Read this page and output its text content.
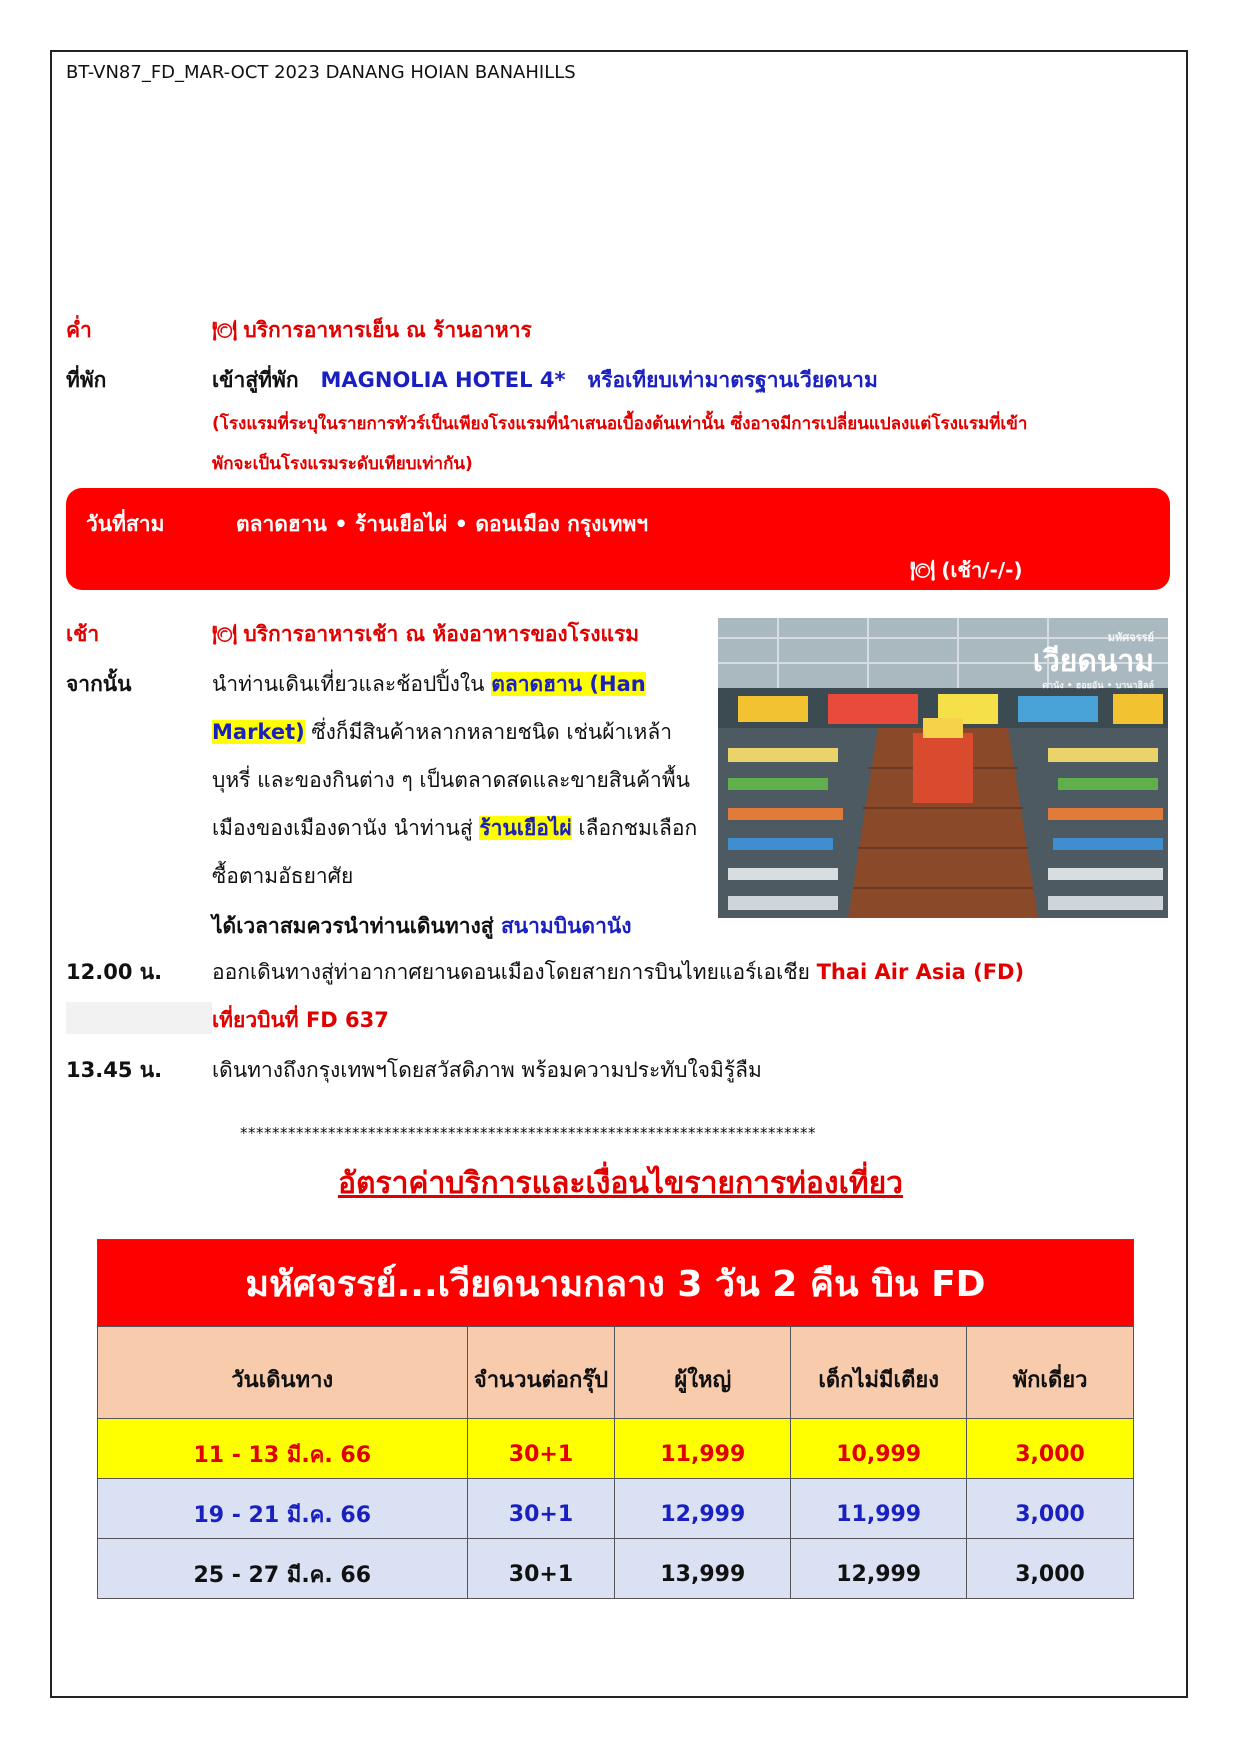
BT-VN87_FD_MAR-OCT 2023 DANANG HOIAN BANAHILLS
ค่ำ	🍽 บริการอาหารเย็น ณ ร้านอาหาร
ที่พัก	เข้าสู่ที่พัก MAGNOLIA HOTEL 4* หรือเทียบเท่ามาตรฐานเวียดนาม
(โรงแรมที่ระบุในรายการทัวร์เป็นเพียงโรงแรมที่นำเสนอเบื้องต้นเท่านั้น ซึ่งอาจมีการเปลี่ยนแปลงแต่โรงแรมที่เข้า
พักจะเป็นโรงแรมระดับเทียบเท่ากัน)
วันที่สาม	ตลาดฮาน • ร้านเยือไผ่ • ดอนเมือง กรุงเทพฯ
🍽 (เช้า/-/-)
เช้า	🍽 บริการอาหารเช้า ณ ห้องอาหารของโรงแรม
จากนั้น	นำท่านเดินเที่ยวและช้อปปิ้งใน ตลาดฮาน (Han Market) ซึ่งก็มีสินค้าหลากหลายชนิด เช่นผ้าเหล้า บุหรี่ และของกินต่าง ๆ เป็นตลาดสดและขายสินค้าพื้นเมืองของเมืองดานัง นำท่านสู่ ร้านเยือไผ่ เลือกชมเลือกซื้อตามอัธยาศัย
ได้เวลาสมควรนำท่านเดินทางสู่ สนามบินดานัง
มหัศจรรย์
เวียดนาม
ดานัง • ฮอยอัน • บานาฮิลล์
12.00 น. ออกเดินทางสู่ท่าอากาศยานดอนเมืองโดยสายการบินไทยแอร์เอเชีย Thai Air Asia (FD)
เที่ยวบินที่ FD 637
13.45 น. เดินทางถึงกรุงเทพฯโดยสวัสดิภาพ พร้อมความประทับใจมิรู้ลืม
************************************************************************
อัตราค่าบริการและเงื่อนไขรายการท่องเที่ยว
มหัศจรรย์...เวียดนามกลาง 3 วัน 2 คืน บิน FD				
วันเดินทาง	จำนวนต่อกรุ๊ป	ผู้ใหญ่	เด็กไม่มีเตียง	พักเดี่ยว
11 - 13 มี.ค. 66	30+1	11,999	10,999	3,000
19 - 21 มี.ค. 66	30+1	12,999	11,999	3,000
25 - 27 มี.ค. 66	30+1	13,999	12,999	3,000
